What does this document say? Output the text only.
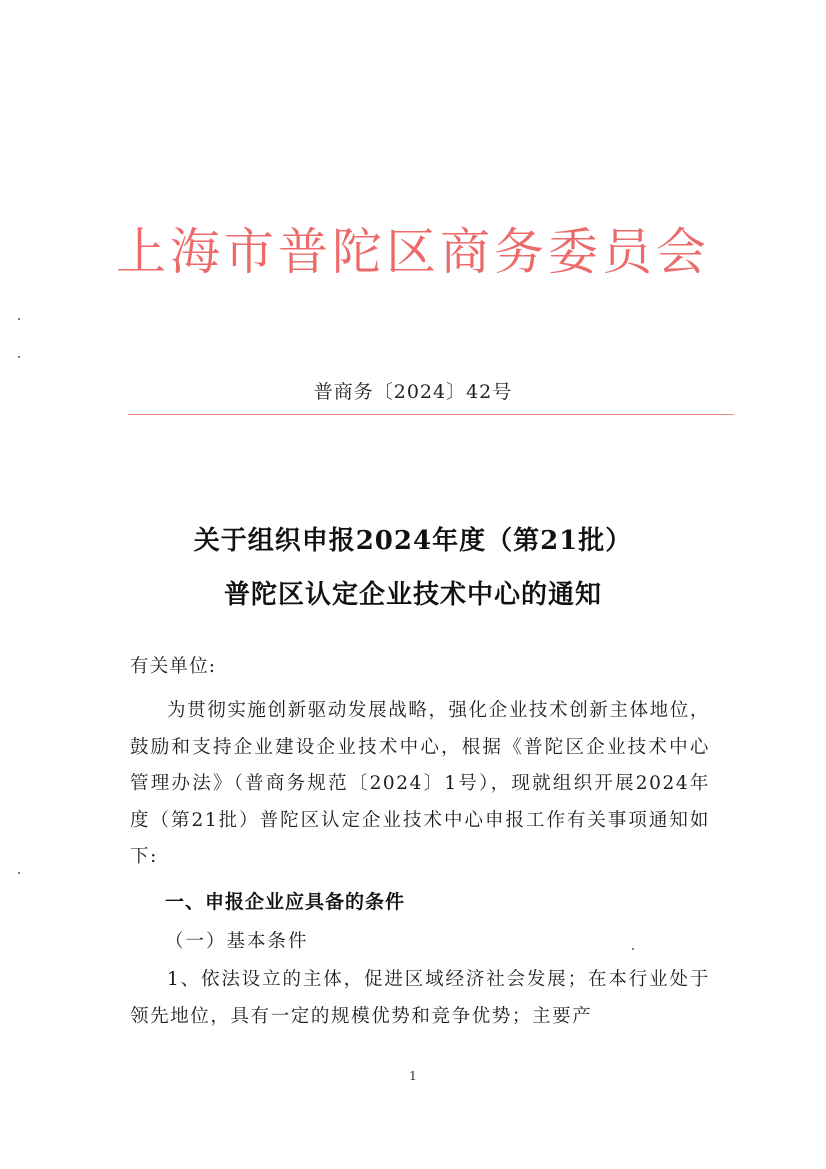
上海市普陀区商务委员会
普商务〔2024〕42号
关于组织申报2024年度（第21批）
普陀区认定企业技术中心的通知
有关单位:
为贯彻实施创新驱动发展战略，强化企业技术创新主体地位，鼓励和支持企业建设企业技术中心，根据《普陀区企业技术中心管理办法》（普商务规范〔2024〕1号），现就组织开展2024年度（第21批）普陀区认定企业技术中心申报工作有关事项通知如下:
一、申报企业应具备的条件
（一）基本条件
1、依法设立的主体，促进区域经济社会发展；在本行业处于领先地位，具有一定的规模优势和竞争优势；主要产
1
